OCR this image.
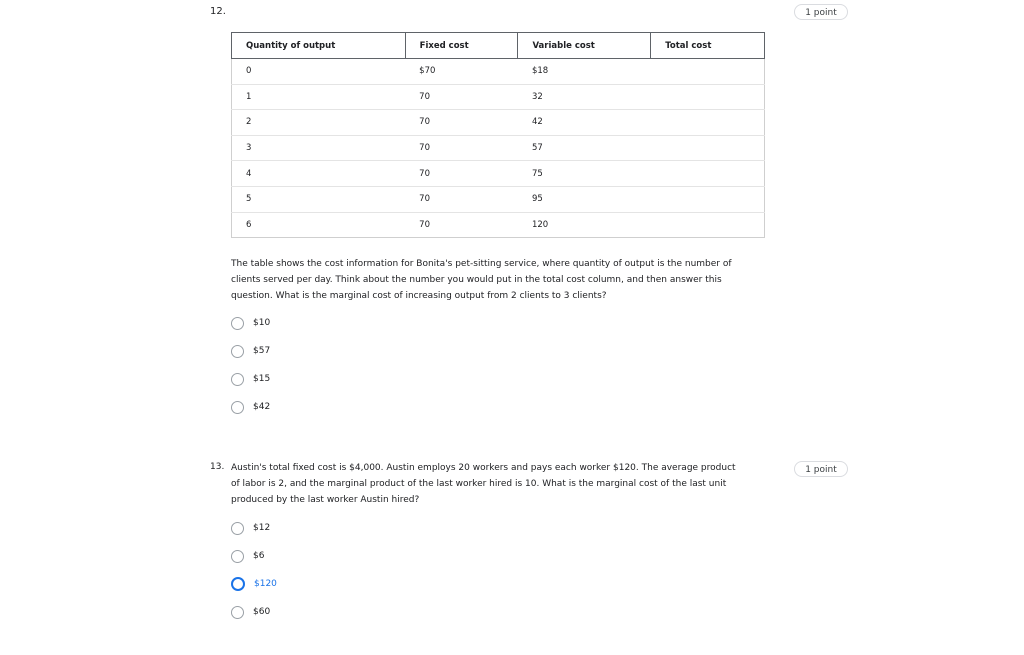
12.	1 point
Quantity of output	Fixed cost	Variable cost	Total cost
0	$70	$18	
1	70	32	
2	70	42	
3	70	57	
4	70	75	
5	70	95	
6	70	120	
The table shows the cost information for Bonita's pet-sitting service, where quantity of output is the number of
clients served per day. Think about the number you would put in the total cost column, and then answer this
question. What is the marginal cost of increasing output from 2 clients to 3 clients?
$10
$57
$15
$42
13.	1 point
Austin's total fixed cost is $4,000. Austin employs 20 workers and pays each worker $120. The average product
of labor is 2, and the marginal product of the last worker hired is 10. What is the marginal cost of the last unit
produced by the last worker Austin hired?
$12
$6
$120
$60
